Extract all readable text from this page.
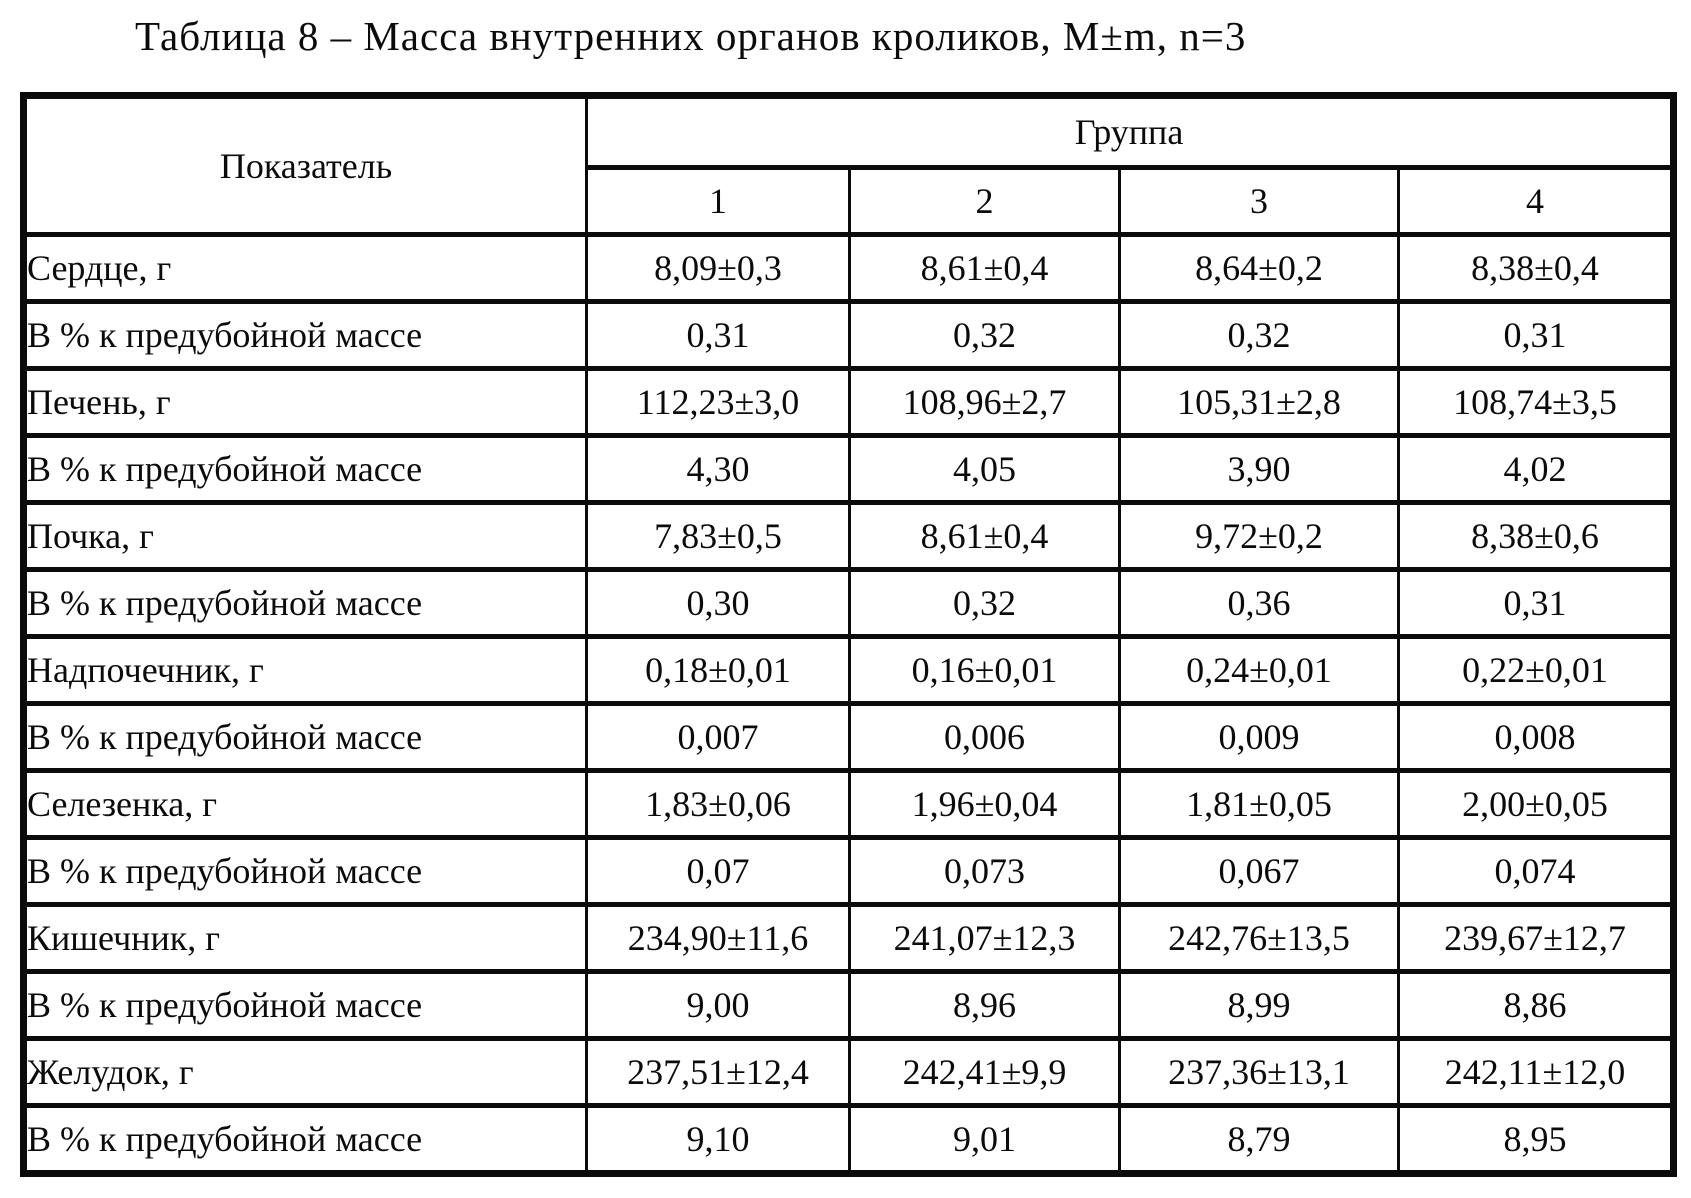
Таблица 8 – Масса внутренних органов кроликов, M±m, n=3
Показатель	Группа			
	1	2	3	4
Сердце, г	8,09±0,3	8,61±0,4	8,64±0,2	8,38±0,4
В % к предубойной массе	0,31	0,32	0,32	0,31
Печень, г	112,23±3,0	108,96±2,7	105,31±2,8	108,74±3,5
В % к предубойной массе	4,30	4,05	3,90	4,02
Почка, г	7,83±0,5	8,61±0,4	9,72±0,2	8,38±0,6
В % к предубойной массе	0,30	0,32	0,36	0,31
Надпочечник, г	0,18±0,01	0,16±0,01	0,24±0,01	0,22±0,01
В % к предубойной массе	0,007	0,006	0,009	0,008
Селезенка, г	1,83±0,06	1,96±0,04	1,81±0,05	2,00±0,05
В % к предубойной массе	0,07	0,073	0,067	0,074
Кишечник, г	234,90±11,6	241,07±12,3	242,76±13,5	239,67±12,7
В % к предубойной массе	9,00	8,96	8,99	8,86
Желудок, г	237,51±12,4	242,41±9,9	237,36±13,1	242,11±12,0
В % к предубойной массе	9,10	9,01	8,79	8,95
